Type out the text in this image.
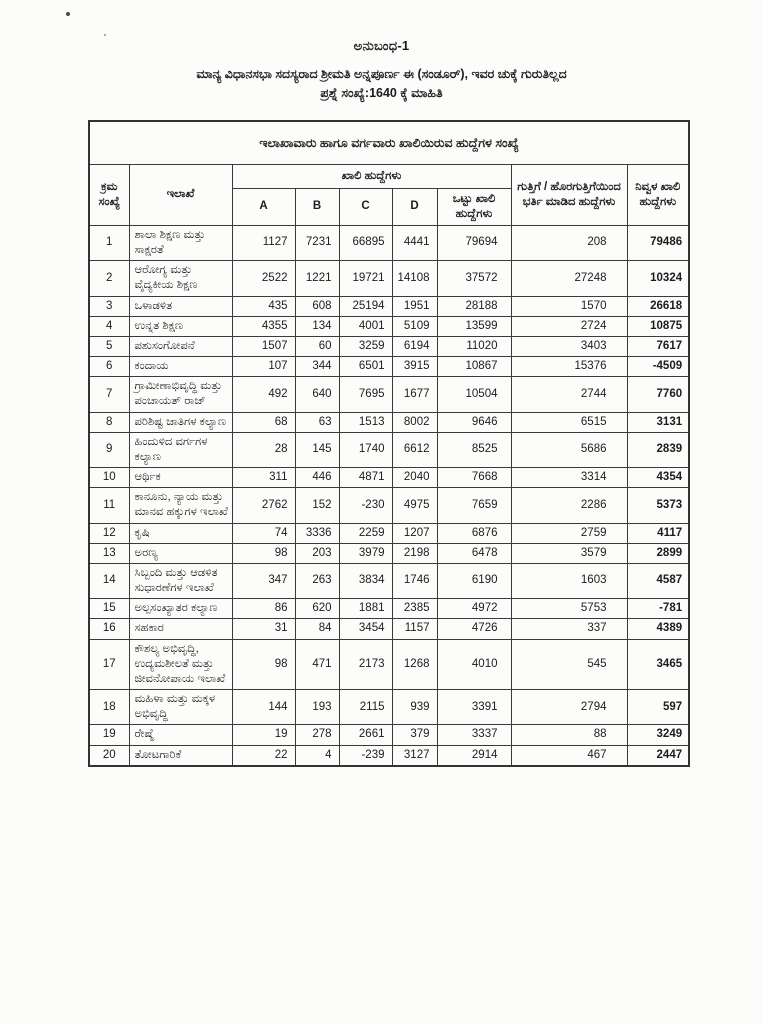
ಅನುಬಂಧ-1
ಮಾನ್ಯ ವಿಧಾನಸಭಾ ಸದಸ್ಯರಾದ ಶ್ರೀಮತಿ ಅನ್ನಪೂರ್ಣ ಈ (ಸಂಡೂರ್), ಇವರ ಚುಕ್ಕೆ ಗುರುತಿಲ್ಲದ
ಪ್ರಶ್ನೆ ಸಂಖ್ಯೆ:1640 ಕ್ಕೆ ಮಾಹಿತಿ
ಇಲಾಖಾವಾರು ಹಾಗೂ ವರ್ಗವಾರು ಖಾಲಿಯಿರುವ ಹುದ್ದೆಗಳ ಸಂಖ್ಯೆ								
ಕ್ರಮ ಸಂಖ್ಯೆ	ಇಲಾಖೆ	ಖಾಲಿ ಹುದ್ದೆಗಳು					ಗುತ್ತಿಗೆ / ಹೊರಗುತ್ತಿಗೆಯಿಂದ ಭರ್ತಿ ಮಾಡಿದ ಹುದ್ದೆಗಳು	ನಿವ್ವಳ ಖಾಲಿ ಹುದ್ದೆಗಳು
		A	B	C	D	ಒಟ್ಟು ಖಾಲಿ ಹುದ್ದೆಗಳು		
1	ಶಾಲಾ ಶಿಕ್ಷಣ ಮತ್ತು ಸಾಕ್ಷರತೆ	1127	7231	66895	4441	79694	208	79486
2	ಆರೋಗ್ಯ ಮತ್ತು ವೈದ್ಯಕೀಯ ಶಿಕ್ಷಣ	2522	1221	19721	14108	37572	27248	10324
3	ಒಳಾಡಳಿತ	435	608	25194	1951	28188	1570	26618
4	ಉನ್ನತ ಶಿಕ್ಷಣ	4355	134	4001	5109	13599	2724	10875
5	ಪಶುಸಂಗೋಪನೆ	1507	60	3259	6194	11020	3403	7617
6	ಕಂದಾಯ	107	344	6501	3915	10867	15376	-4509
7	ಗ್ರಾಮೀಣಾಭಿವೃದ್ಧಿ ಮತ್ತು ಪಂಚಾಯತ್ ರಾಜ್	492	640	7695	1677	10504	2744	7760
8	ಪರಿಶಿಷ್ಟ ಜಾತಿಗಳ ಕಲ್ಯಾಣ	68	63	1513	8002	9646	6515	3131
9	ಹಿಂದುಳಿದ ವರ್ಗಗಳ ಕಲ್ಯಾಣ	28	145	1740	6612	8525	5686	2839
10	ಆರ್ಥಿಕ	311	446	4871	2040	7668	3314	4354
11	ಕಾನೂನು, ನ್ಯಾಯ ಮತ್ತು ಮಾನವ ಹಕ್ಕುಗಳ ಇಲಾಖೆ	2762	152	-230	4975	7659	2286	5373
12	ಕೃಷಿ	74	3336	2259	1207	6876	2759	4117
13	ಅರಣ್ಯ	98	203	3979	2198	6478	3579	2899
14	ಸಿಬ್ಬಂದಿ ಮತ್ತು ಆಡಳಿತ ಸುಧಾರಣೆಗಳ ಇಲಾಖೆ	347	263	3834	1746	6190	1603	4587
15	ಅಲ್ಪಸಂಖ್ಯಾತರ ಕಲ್ಯಾಣ	86	620	1881	2385	4972	5753	-781
16	ಸಹಕಾರ	31	84	3454	1157	4726	337	4389
17	ಕೌಶಲ್ಯ ಅಭಿವೃದ್ಧಿ, ಉದ್ಯಮಶೀಲತೆ ಮತ್ತು ಜೀವನೋಪಾಯ ಇಲಾಖೆ	98	471	2173	1268	4010	545	3465
18	ಮಹಿಳಾ ಮತ್ತು ಮಕ್ಕಳ ಅಭಿವೃದ್ಧಿ	144	193	2115	939	3391	2794	597
19	ರೇಷ್ಮೆ	19	278	2661	379	3337	88	3249
20	ತೋಟಗಾರಿಕೆ	22	4	-239	3127	2914	467	2447
